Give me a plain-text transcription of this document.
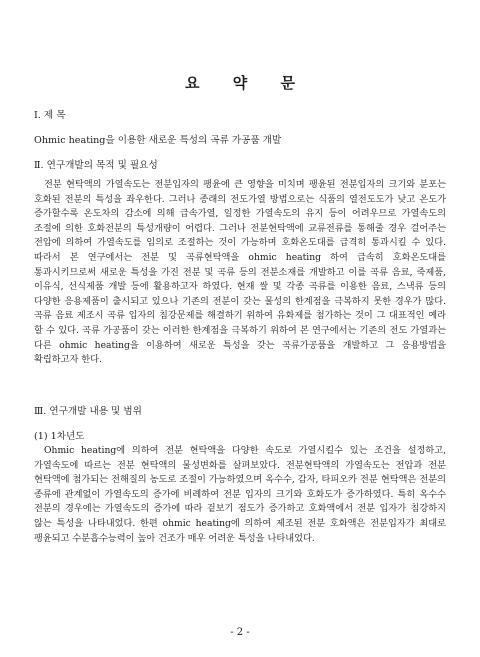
요 약 문
Ⅰ. 제 목
Ohmic heating을 이용한 새로운 특성의 곡류 가공품 개발
Ⅱ. 연구개발의 목적 및 필요성
전분 현탁액의 가열속도는 전분입자의 팽윤에 큰 영향을 미치며 팽윤된 전분입자의 크기와 분포는 호화된 전분의 특성을 좌우한다. 그러나 종래의 전도가열 방법으로는 식품의 열전도도가 낮고 온도가 증가할수록 온도차의 감소에 의해 급속가열, 일정한 가열속도의 유지 등이 어려우므로 가열속도의 조절에 의한 호화전분의 특성개량이 어렵다. 그러나 전분현탁액에 교류전류를 통해줄 경우 걸어주는 전압에 의하여 가열속도를 임의로 조절하는 것이 가능하며 호화온도대를 급격히 통과시킬 수 있다. 따라서 본 연구에서는 전분 및 곡류현탁액을 ohmic heating 하여 급속히 호화온도대를 통과시키므로써 새로운 특성을 가진 전분 및 곡류 등의 전분소재를 개발하고 이를 곡류 음료, 죽제품, 이유식, 선식제품 개발 등에 활용하고자 하였다. 현재 쌀 및 각종 곡류를 이용한 음료, 스낵류 등의 다양한 응용제품이 출시되고 있으나 기존의 전분이 갖는 물성의 한계점을 극복하지 못한 경우가 많다. 곡류 음료 제조시 곡류 입자의 침강문제를 해결하기 위하여 유화제를 첨가하는 것이 그 대표적인 예라 할 수 있다. 곡류 가공품이 갖는 이러한 한계점을 극복하기 위하여 본 연구에서는 기존의 전도 가열과는 다른 ohmic heating을 이용하여 새로운 특성을 갖는 곡류가공품을 개발하고 그 응용방법을 확립하고자 한다.
Ⅲ. 연구개발 내용 및 범위
(1) 1차년도
Ohmic heating에 의하여 전분 현탁액을 다양한 속도로 가열시킬수 있는 조건을 설정하고, 가열속도에 따르는 전분 현탁액의 물성변화를 살펴보았다. 전분현탁액의 가열속도는 전압과 전분 현탁액에 첨가되는 전해질의 농도로 조절이 가능하였으며 옥수수, 감자, 타피오카 전분 현탁액은 전분의 종류에 관계없이 가열속도의 증가에 비례하여 전분 입자의 크기와 호화도가 증가하였다. 특히 옥수수 전분의 경우에는 가열속도의 증가에 따라 겉보기 점도가 증가하고 호화액에서 전분 입자가 침강하지 않는 특성을 나타내었다. 한편 ohmic heating에 의하여 제조된 전분 호화액은 전분입자가 최대로 팽윤되고 수분흡수능력이 높아 건조가 매우 어려운 특성을 나타내었다.
- 2 -
